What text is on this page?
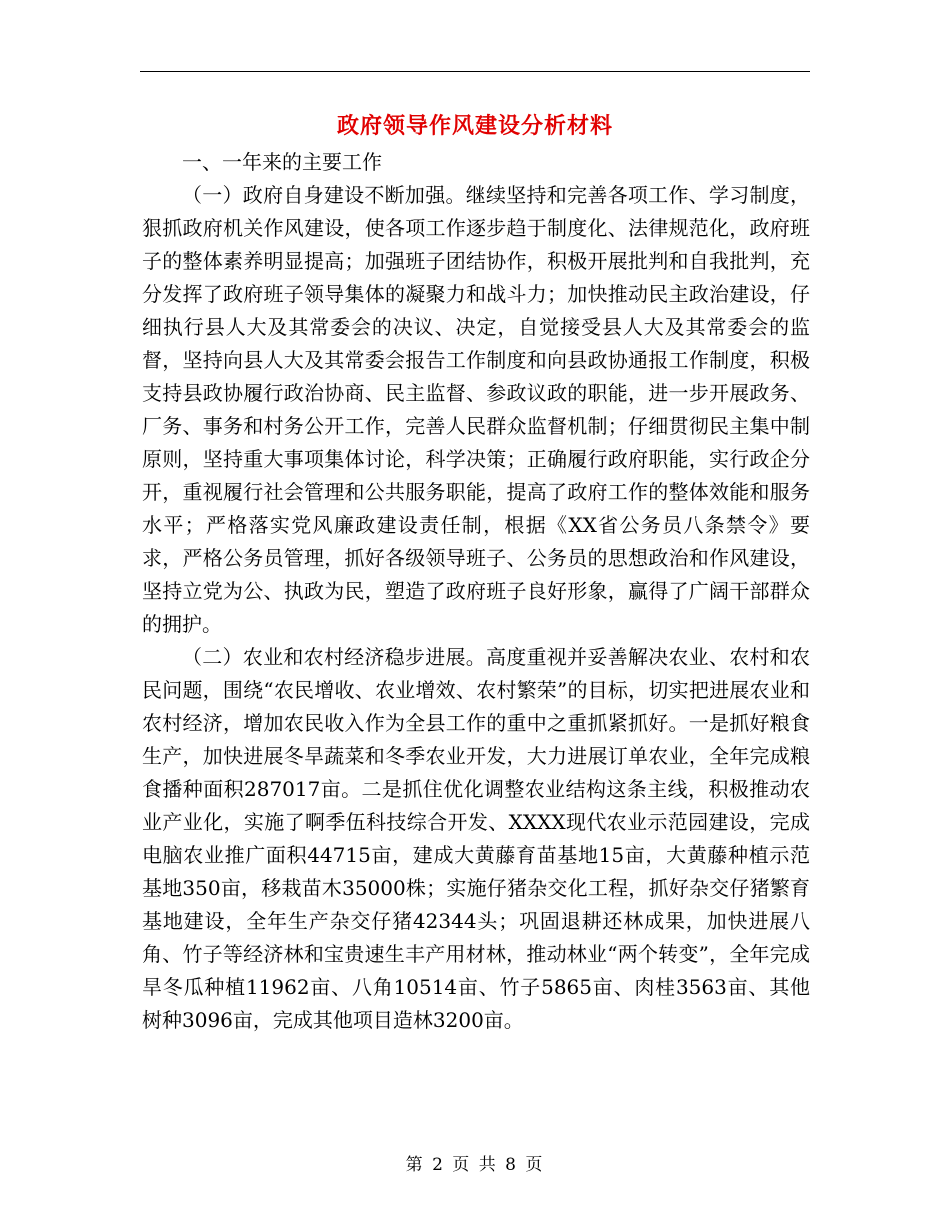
政府领导作风建设分析材料

一、一年来的主要工作

（一）政府自身建设不断加强。继续坚持和完善各项工作、学习制度，狠抓政府机关作风建设，使各项工作逐步趋于制度化、法律规范化，政府班子的整体素养明显提高；加强班子团结协作，积极开展批判和自我批判，充分发挥了政府班子领导集体的凝聚力和战斗力；加快推动民主政治建设，仔细执行县人大及其常委会的决议、决定，自觉接受县人大及其常委会的监督，坚持向县人大及其常委会报告工作制度和向县政协通报工作制度，积极支持县政协履行政治协商、民主监督、参政议政的职能，进一步开展政务、厂务、事务和村务公开工作，完善人民群众监督机制；仔细贯彻民主集中制原则，坚持重大事项集体讨论，科学决策；正确履行政府职能，实行政企分开，重视履行社会管理和公共服务职能，提高了政府工作的整体效能和服务水平；严格落实党风廉政建设责任制，根据《XX省公务员八条禁令》要求，严格公务员管理，抓好各级领导班子、公务员的思想政治和作风建设，坚持立党为公、执政为民，塑造了政府班子良好形象，赢得了广阔干部群众的拥护。

（二）农业和农村经济稳步进展。高度重视并妥善解决农业、农村和农民问题，围绕“农民增收、农业增效、农村繁荣”的目标，切实把进展农业和农村经济，增加农民收入作为全县工作的重中之重抓紧抓好。一是抓好粮食生产，加快进展冬旱蔬菜和冬季农业开发，大力进展订单农业，全年完成粮食播种面积287017亩。二是抓住优化调整农业结构这条主线，积极推动农业产业化，实施了啊季伍科技综合开发、XXXX现代农业示范园建设，完成电脑农业推广面积44715亩，建成大黄藤育苗基地15亩，大黄藤种植示范基地350亩，移栽苗木35000株；实施仔猪杂交化工程，抓好杂交仔猪繁育基地建设，全年生产杂交仔猪42344头；巩固退耕还林成果，加快进展八角、竹子等经济林和宝贵速生丰产用材林，推动林业“两个转变”，全年完成旱冬瓜种植11962亩、八角10514亩、竹子5865亩、肉桂3563亩、其他树种3096亩，完成其他项目造林3200亩。

第 2 页 共 8 页
